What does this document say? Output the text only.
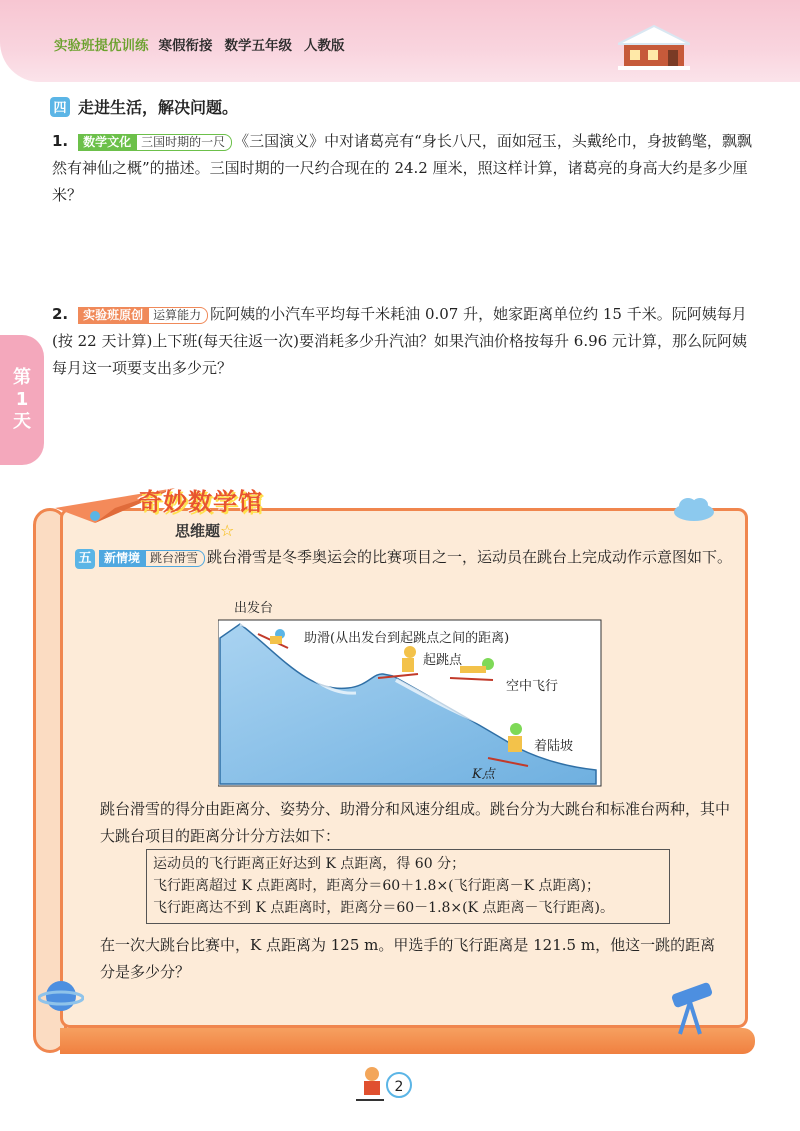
实验班提优训练 寒假衔接 数学五年级 人教版
第
1
天
四 走进生活，解决问题。
1. 数学文化 三国时期的一尺 《三国演义》中对诸葛亮有“身长八尺，面如冠玉，头戴纶巾，身披鹤氅，飘飘然有神仙之概”的描述。三国时期的一尺约合现在的 24.2 厘米，照这样计算，诸葛亮的身高大约是多少厘米？
2. 实验班原创 运算能力 阮阿姨的小汽车平均每千米耗油 0.07 升，她家距离单位约 15 千米。阮阿姨每月(按 22 天计算)上下班(每天往返一次)要消耗多少升汽油？如果汽油价格按每升 6.96 元计算，那么阮阿姨每月这一项要支出多少元？
奇妙数学馆
思维题☆
五 新情境 跳台滑雪 跳台滑雪是冬季奥运会的比赛项目之一，运动员在跳台上完成动作示意图如下。
出发台
助滑(从出发台到起跳点之间的距离)
起跳点
空中飞行
着陆坡
K点
跳台滑雪的得分由距离分、姿势分、助滑分和风速分组成。跳台分为大跳台和标准台两种，其中大跳台项目的距离分计分方法如下：
运动员的飞行距离正好达到 K 点距离，得 60 分；
飞行距离超过 K 点距离时，距离分＝60＋1.8×(飞行距离－K 点距离)；
飞行距离达不到 K 点距离时，距离分＝60－1.8×(K 点距离－飞行距离)。
在一次大跳台比赛中，K 点距离为 125 m。甲选手的飞行距离是 121.5 m，他这一跳的距离分是多少分？
2
